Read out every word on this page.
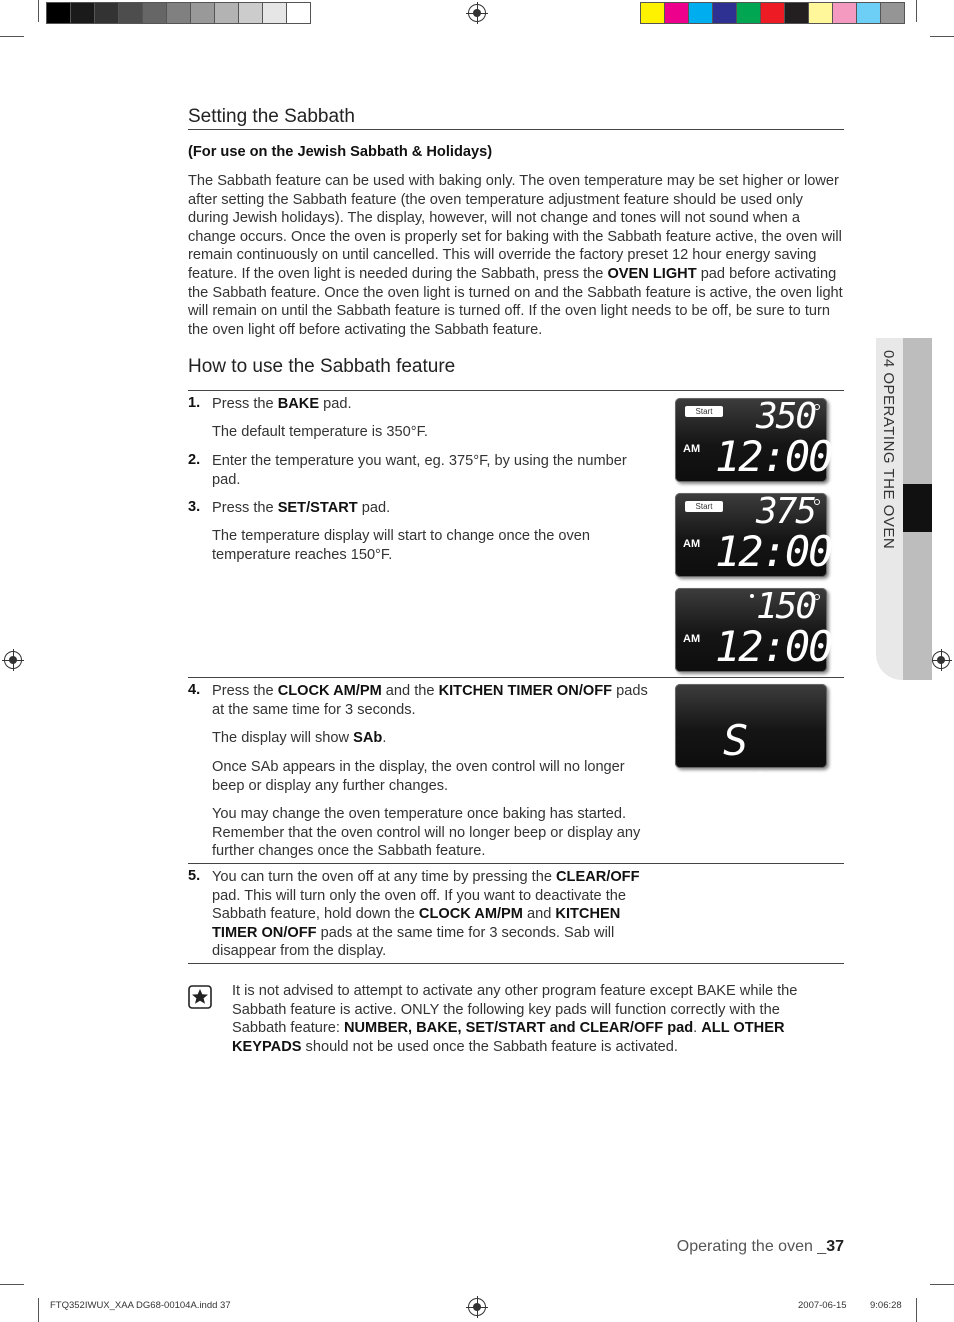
Setting the Sabbath
(For use on the Jewish Sabbath & Holidays)
The Sabbath feature can be used with baking only. The oven temperature may be set higher or lower after setting the Sabbath feature (the oven temperature adjustment feature should be used only during Jewish holidays). The display, however, will not change and tones will not sound when a change occurs. Once the oven is properly set for baking with the Sabbath feature active, the oven will remain continuously on until cancelled. This will override the factory preset 12 hour energy saving feature. If the oven light is needed during the Sabbath, press the OVEN LIGHT pad before activating the Sabbath feature. Once the oven light is turned on and the Sabbath feature is active, the oven light will remain on until the Sabbath feature is turned off. If the oven light needs to be off, be sure to turn the oven light off before activating the Sabbath feature.
How to use the Sabbath feature
1. Press the BAKE pad.
The default temperature is 350°F.
2. Enter the temperature you want, eg. 375°F, by using the number pad.
3. Press the SET/START pad.
The temperature display will start to change once the oven temperature reaches 150°F.
Start 350
AM 12:00
Start 375
AM 12:00
150
AM 12:00
4. Press the CLOCK AM/PM and the KITCHEN TIMER ON/OFF pads at the same time for 3 seconds.
The display will show SAb.
Once SAb appears in the display, the oven control will no longer beep or display any further changes.
You may change the oven temperature once baking has started. Remember that the oven control will no longer beep or display any further changes once the Sabbath feature.
S Ab
5. You can turn the oven off at any time by pressing the CLEAR/OFF pad. This will turn only the oven off. If you want to deactivate the Sabbath feature, hold down the CLOCK AM/PM and KITCHEN TIMER ON/OFF pads at the same time for 3 seconds. Sab will disappear from the display.
It is not advised to attempt to activate any other program feature except BAKE while the Sabbath feature is active. ONLY the following key pads will function correctly with the Sabbath feature: NUMBER, BAKE, SET/START and CLEAR/OFF pad. ALL OTHER KEYPADS should not be used once the Sabbath feature is activated.
04 OPERATING THE OVEN
Operating the oven _37
FTQ352IWUX_XAA DG68-00104A.indd 37	2007-06-15 9:06:28
